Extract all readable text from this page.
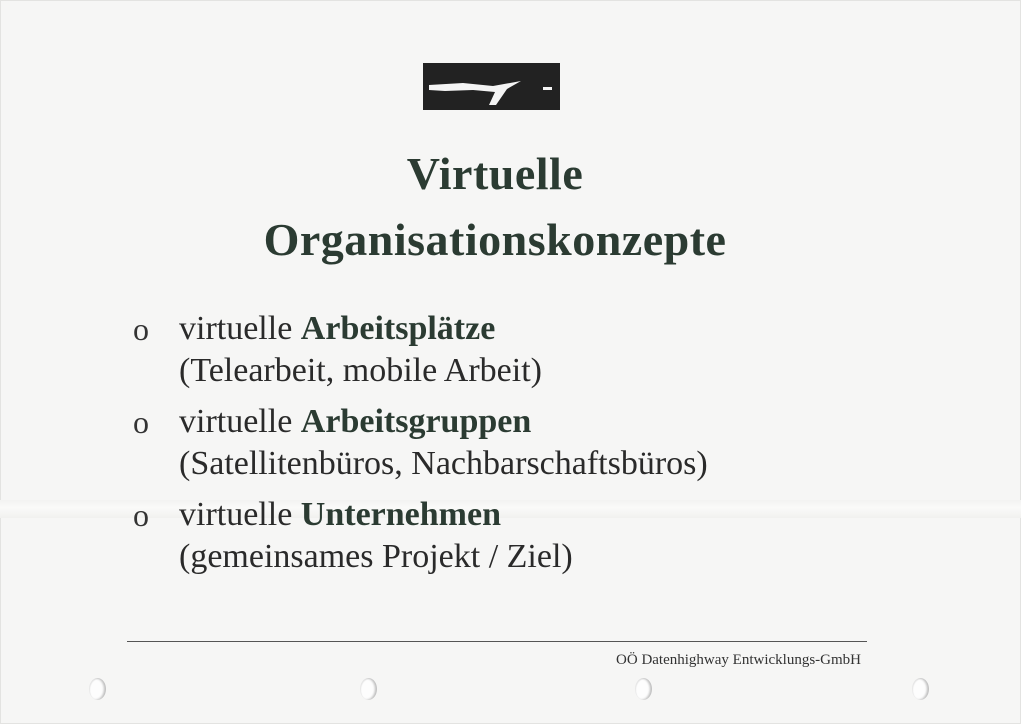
Virtuelle
Organisationskonzepte
o virtuelle Arbeitsplätze
(Telearbeit, mobile Arbeit)
o virtuelle Arbeitsgruppen
(Satellitenbüros, Nachbarschaftsbüros)
o virtuelle Unternehmen
(gemeinsames Projekt / Ziel)
OÖ Datenhighway Entwicklungs-GmbH
